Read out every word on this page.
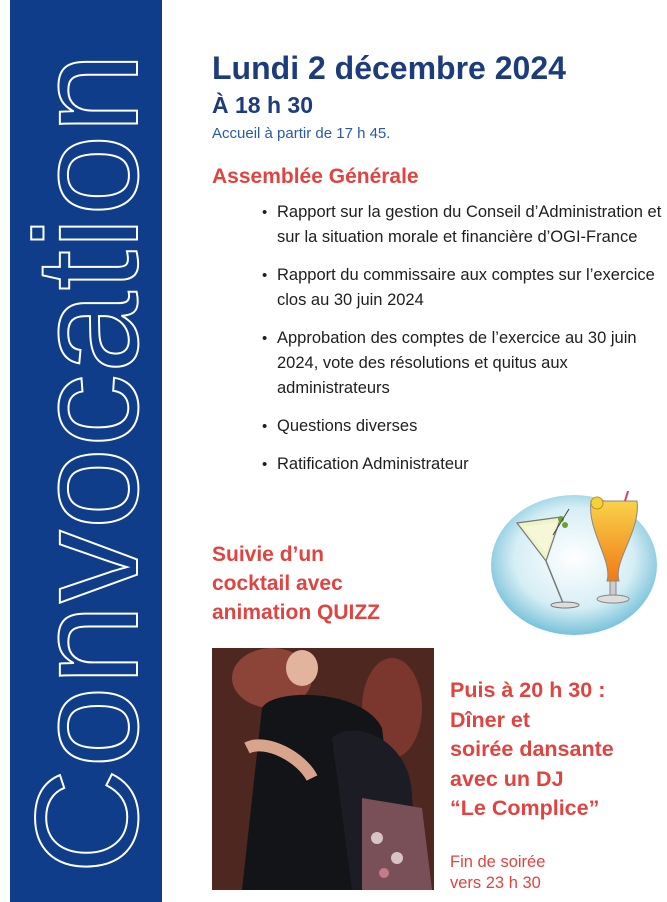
Convocation Lundi 2 décembre 2024
À 18 h 30
Accueil à partir de 17 h 45.
Assemblée Générale
• Rapport sur la gestion du Conseil d’Administration et sur la situation morale et financière d’OGI-France
• Rapport du commissaire aux comptes sur l’exercice clos au 30 juin 2024
• Approbation des comptes de l’exercice au 30 juin 2024, vote des résolutions et quitus aux administrateurs
• Questions diverses
• Ratification Administrateur
Suivie d’un
cocktail avec
animation QUIZZ
Puis à 20 h 30 :
Dîner et
soirée dansante
avec un DJ
“Le Complice”
Fin de soirée
vers 23 h 30
